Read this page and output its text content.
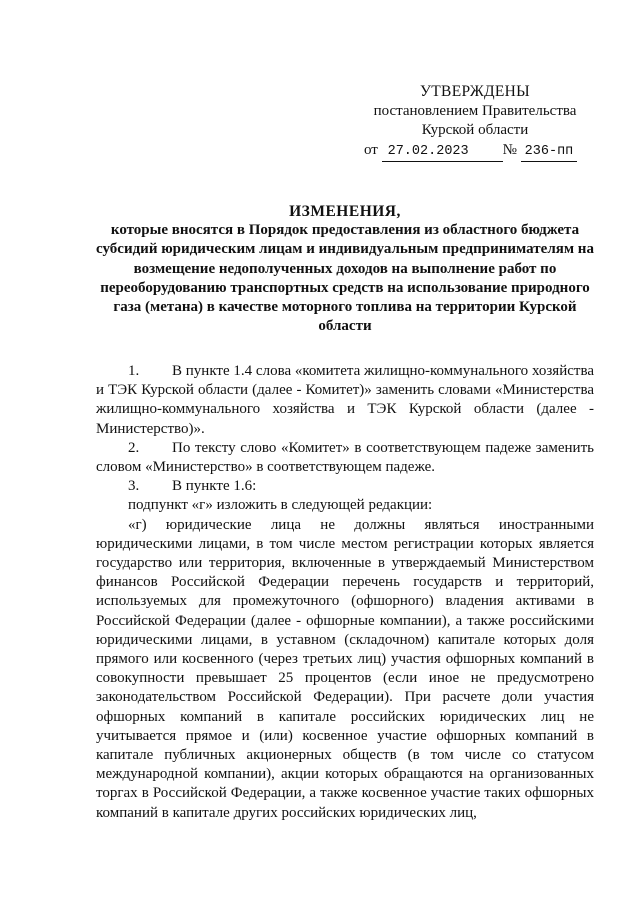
УТВЕРЖДЕНЫ
постановлением Правительства
Курской области
от 27.02.2023 № 236-пп
ИЗМЕНЕНИЯ,
которые вносятся в Порядок предоставления из областного бюджета субсидий юридическим лицам и индивидуальным предпринимателям на возмещение недополученных доходов на выполнение работ по переоборудованию транспортных средств на использование природного газа (метана) в качестве моторного топлива на территории Курской области

1. В пункте 1.4 слова «комитета жилищно-коммунального хозяйства и ТЭК Курской области (далее - Комитет)» заменить словами «Министерства жилищно-коммунального хозяйства и ТЭК Курской области (далее - Министерство)».

2. По тексту слово «Комитет» в соответствующем падеже заменить словом «Министерство» в соответствующем падеже.

3. В пункте 1.6:

подпункт «г» изложить в следующей редакции:

«г) юридические лица не должны являться иностранными юридическими лицами, в том числе местом регистрации которых является государство или территория, включенные в утверждаемый Министерством финансов Российской Федерации перечень государств и территорий, используемых для промежуточного (офшорного) владения активами в Российской Федерации (далее - офшорные компании), а также российскими юридическими лицами, в уставном (складочном) капитале которых доля прямого или косвенного (через третьих лиц) участия офшорных компаний в совокупности превышает 25 процентов (если иное не предусмотрено законодательством Российской Федерации). При расчете доли участия офшорных компаний в капитале российских юридических лиц не учитывается прямое и (или) косвенное участие офшорных компаний в капитале публичных акционерных обществ (в том числе со статусом международной компании), акции которых обращаются на организованных торгах в Российской Федерации, а также косвенное участие таких офшорных компаний в капитале других российских юридических лиц,
